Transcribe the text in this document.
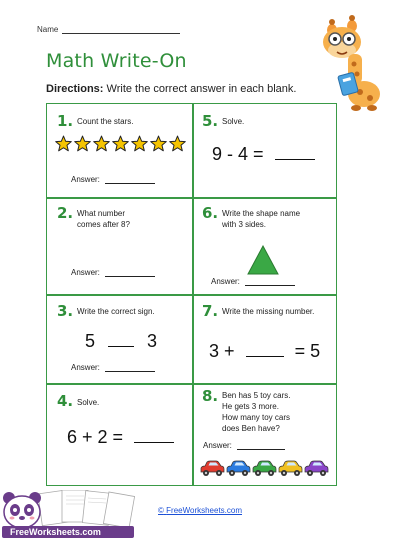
Name
Math Write-On
Directions: Write the correct answer in each blank.
1. Count the stars.
Answer:
2. What number
comes after 8?
Answer:
3. Write the correct sign.
5	3
Answer:
4. Solve.
6 + 2 =
5. Solve.
9 - 4 =
6. Write the shape name
with 3 sides.
Answer:
7. Write the missing number.
3 +	= 5
8. Ben has 5 toy cars.
He gets 3 more.
How many toy cars
does Ben have?
Answer:
© FreeWorksheets.com
FreeWorksheets.com
